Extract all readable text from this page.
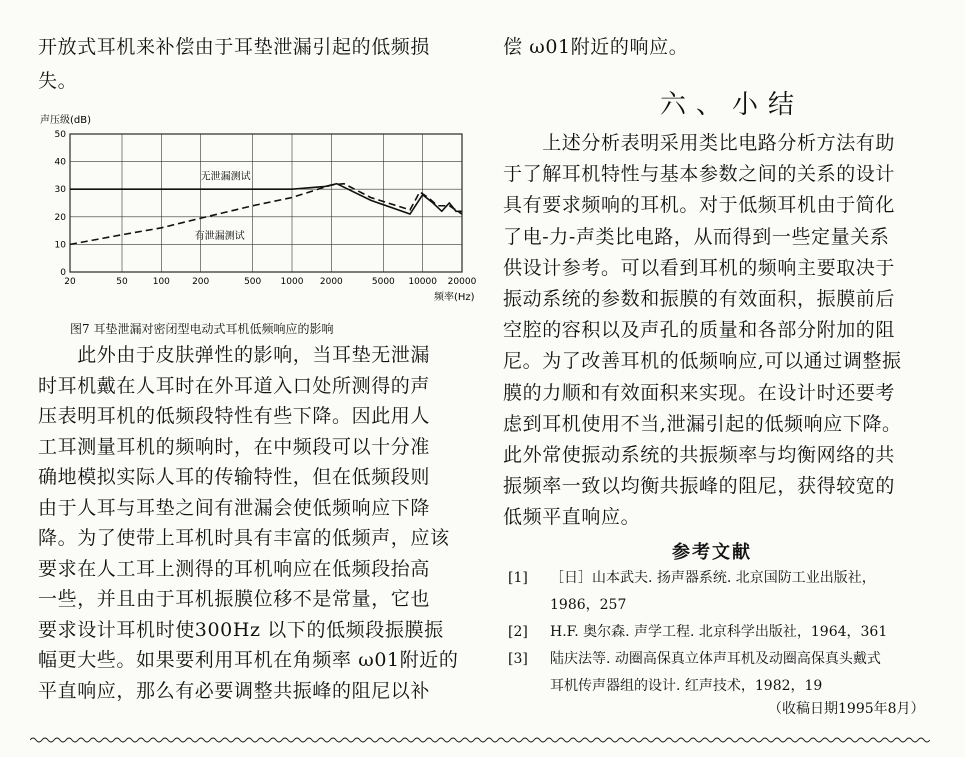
开放式耳机来补偿由于耳垫泄漏引起的低频损
失。
声压级(dB)
0
10
20
30
40
50
20	50	100 200	500 1000 2000	5000 10000 20000
无泄漏测试
有泄漏测试
频率(Hz)
图7 耳垫泄漏对密闭型电动式耳机低频响应的影响
　　此外由于皮肤弹性的影响，当耳垫无泄漏
时耳机戴在人耳时在外耳道入口处所测得的声
压表明耳机的低频段特性有些下降。因此用人
工耳测量耳机的频响时，在中频段可以十分准
确地模拟实际人耳的传输特性，但在低频段则
由于人耳与耳垫之间有泄漏会使低频响应下降
降。为了使带上耳机时具有丰富的低频声，应该
要求在人工耳上测得的耳机响应在低频段抬高
一些，并且由于耳机振膜位移不是常量，它也
要求设计耳机时使300Hz 以下的低频段振膜振
幅更大些。如果要利用耳机在角频率 ω01附近的
平直响应，那么有必要调整共振峰的阻尼以补
偿 ω01附近的响应。
六、小结
　　上述分析表明采用类比电路分析方法有助
于了解耳机特性与基本参数之间的关系的设计
具有要求频响的耳机。对于低频耳机由于简化
了电-力-声类比电路，从而得到一些定量关系
供设计参考。可以看到耳机的频响主要取决于
振动系统的参数和振膜的有效面积，振膜前后
空腔的容积以及声孔的质量和各部分附加的阻
尼。为了改善耳机的低频响应,可以通过调整振
膜的力顺和有效面积来实现。在设计时还要考
虑到耳机使用不当,泄漏引起的低频响应下降。
此外常使振动系统的共振频率与均衡网络的共
振频率一致以均衡共振峰的阻尼，获得较宽的
低频平直响应。
参考文献
[1] ［日］山本武夫. 扬声器系统. 北京国防工业出版社，
1986，257
[2] H.F. 奥尔森. 声学工程. 北京科学出版社，1964，361
[3] 陆庆法等. 动圈高保真立体声耳机及动圈高保真头戴式
耳机传声器组的设计. 红声技术，1982，19
（收稿日期1995年8月）
